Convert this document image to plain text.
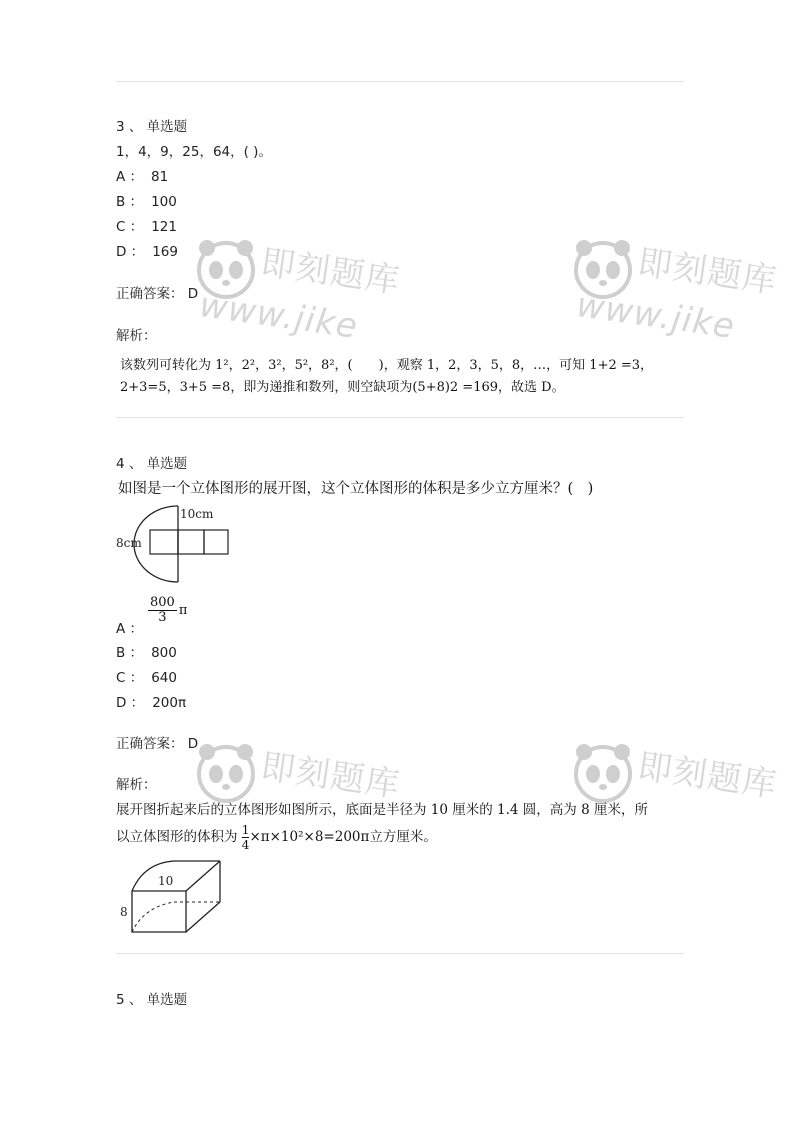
即刻题库
www.jike
即刻题库
www.jike
即刻题库	即刻题库
3 、 单选题
1，4，9，25，64，( )。
A ： 81
B ： 100
C ： 121
D ： 169
正确答案： D
解析：
该数列可转化为 1²，2²，3²，5²，8²，(　　)，观察 1，2，3，5，8，…，可知 1+2 =3，
2+3=5，3+5 =8，即为递推和数列，则空缺项为(5+8)2 =169，故选 D。
4 、 单选题
如图是一个立体图形的展开图，这个立体图形的体积是多少立方厘米？(　)
10cm
8cm
$\frac{800}{3}$ π
A ：
B ： 800
C ： 640
D ： 200π
正确答案： D
解析：
展开图折起来后的立体图形如图所示，底面是半径为 10 厘米的 1.4 圆，高为 8 厘米，所
以立体图形的体积为 $\frac{1}{4} \times\pi\times 10^2\times 8=200\pi$立方厘米。
10
8
5 、 单选题
